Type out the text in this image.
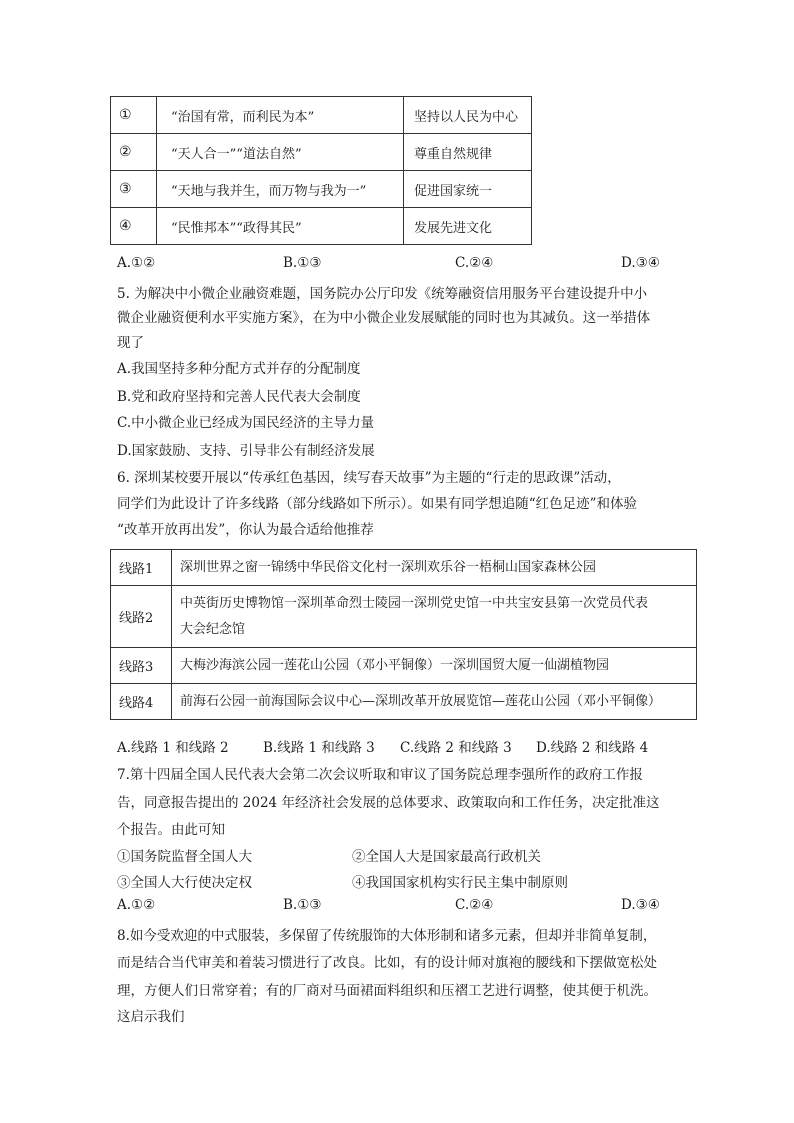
①	“治国有常，而利民为本”	坚持以人民为中心
②	“天人合一”“道法自然”	尊重自然规律
③	“天地与我并生，而万物与我为一”	促进国家统一
④	“民惟邦本”“政得其民”	发展先进文化
A.①②	B.①③	C.②④	D.③④
5. 为解决中小微企业融资难题，国务院办公厅印发《统筹融资信用服务平台建设提升中小
微企业融资便利水平实施方案》，在为中小微企业发展赋能的同时也为其减负。这一举措体
现了
A.我国坚持多种分配方式并存的分配制度
B.党和政府坚持和完善人民代表大会制度
C.中小微企业已经成为国民经济的主导力量
D.国家鼓励、支持、引导非公有制经济发展
6. 深圳某校要开展以“传承红色基因，续写春天故事”为主题的“行走的思政课”活动，
同学们为此设计了许多线路（部分线路如下所示）。如果有同学想追随“红色足迹”和体验
“改革开放再出发”，你认为最合适给他推荐
线路1	深圳世界之窗一锦绣中华民俗文化村一深圳欢乐谷一梧桐山国家森林公园
线路2	中英街历史博物馆一深圳革命烈士陵园一深圳党史馆一中共宝安县第一次党员代表
大会纪念馆

线路3	大梅沙海滨公园一莲花山公园（邓小平铜像）一深圳国贸大厦一仙湖植物园
线路4	前海石公园一前海国际会议中心—深圳改革开放展览馆—莲花山公园（邓小平铜像）
A.线路 1 和线路 2	B.线路 1 和线路 3 C.线路 2 和线路 3 D.线路 2 和线路 4
7.第十四届全国人民代表大会第二次会议听取和审议了国务院总理李强所作的政府工作报
告，同意报告提出的 2024 年经济社会发展的总体要求、政策取向和工作任务，决定批准这
个报告。由此可知
①国务院监督全国人大	②全国人大是国家最高行政机关
③全国人大行使决定权	④我国国家机构实行民主集中制原则
A.①②	B.①③	C.②④	D.③④
8.如今受欢迎的中式服装，多保留了传统服饰的大体形制和诸多元素，但却并非简单复制，
而是结合当代审美和着装习惯进行了改良。比如，有的设计师对旗袍的腰线和下摆做宽松处
理，方便人们日常穿着；有的厂商对马面裙面料组织和压褶工艺进行调整，使其便于机洗。
这启示我们
